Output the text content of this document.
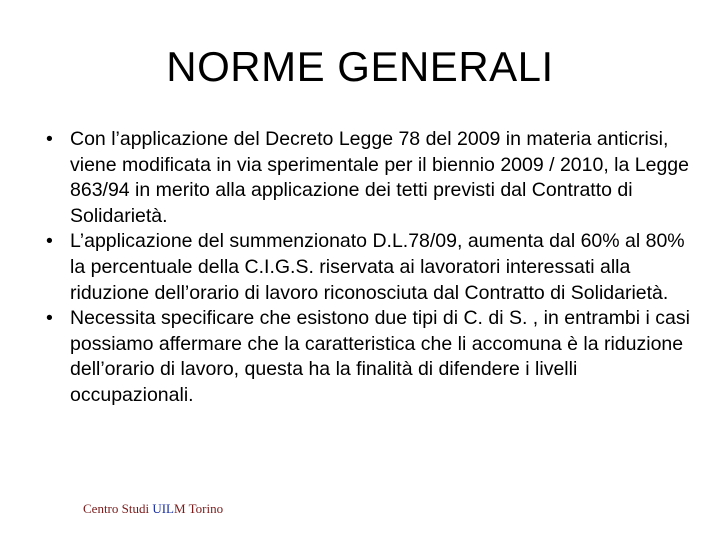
NORME GENERALI
• Con l’applicazione del Decreto Legge 78 del 2009 in materia anticrisi, viene modificata in via sperimentale per il biennio 2009 / 2010, la Legge 863/94 in merito alla applicazione dei tetti previsti dal Contratto di Solidarietà.
• L’applicazione del summenzionato D.L.78/09, aumenta dal 60% al 80% la percentuale della C.I.G.S. riservata ai lavoratori interessati alla riduzione dell’orario di lavoro riconosciuta dal Contratto di Solidarietà.
• Necessita specificare che esistono due tipi di C. di S. , in entrambi i casi possiamo affermare che la caratteristica che li accomuna è la riduzione dell’orario di lavoro, questa ha la finalità di difendere i livelli occupazionali.
Centro Studi UILM Torino
